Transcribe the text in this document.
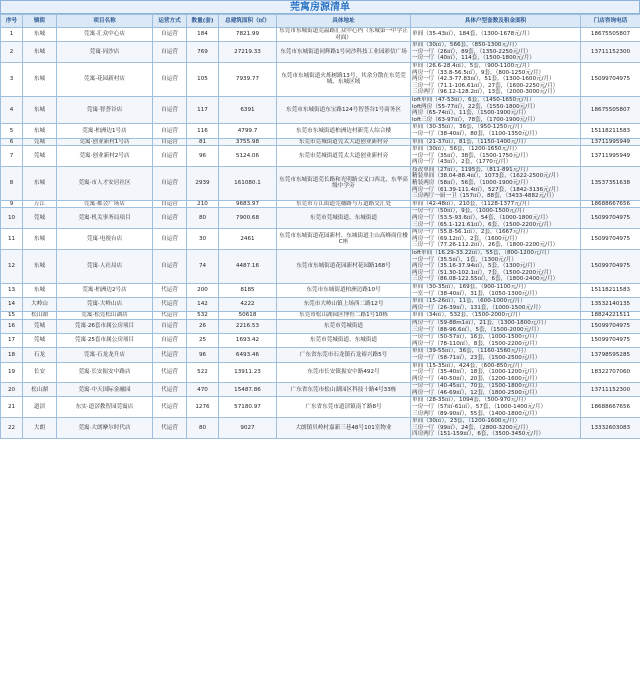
莞寓房源清单
序号	镇街	项目名称	运营方式	数量(套)	总建筑面积（㎡）	具体地址	具体户型套数及租金面积	门店咨询电话
1	东城	莞寓·汇众中心店	自运营	184	7821.99	东莞市东城街道莞温路汇众中心内（东城第一中学正对面）	单间（35-43㎡），184套，（1300-1678元/月）	18675505807
2	东城	莞寓·同沙店	自运营	769	27219.33	东莞市东城街道同辉路1号同沙科技工业园彩信广场	单间（30㎡），566套，（850-1300元/月）
一房一厅（26㎡），89套，（1350-2250元/月）
一房一厅（40㎡），114套，（1500-1800元/月）	13711152300
3	东城	莞寓·花园新村店	自运营	105	7939.77	东莞市东城街道火炼树路13号，其余分散在东莞莞城、东城区域	单间（26.6-28.4㎡），5套，（900-1100元/月）
两房一厅（33.8-56.5㎡），9套，（800-1250元/月）
两房一厅（42.3-77.83㎡），51套，（1300-1600元/月）
三房一厅（71.1-106.61㎡），27套，（1600-2250元/月）
三房两厅（96.12-128.2㎡），13套，（2000-3000元/月）	15099704975
4	东城	莞寓·智荟谷店	自运营	117	6391	东莞市东城街道东宝路124号智荟谷1号商务区	loft单间（47-53㎡），6套，（1450-1650元/月）
loft两房（55-77㎡），22套，（1550-1800元/月）
两房（65-74㎡），11套，（1500-1900元/月）
loft三房（63-97㎡），78套，（1700-1900元/月）	18675505807
5	东城	莞寓·柏洲边1号店	自运营	116	4799.7	东莞市东城街道柏洲边村新莞人综合楼	单间（30-35㎡），36套，（950-1250元/月）
一房一厅（38-40㎡），80套，（1100-1350元/月）	15118211583
6	莞城	莞寓·创业新村1号店	自运营	81	3755.98	东莞市莞城街道莞太大道创业新村旁	单间（21-37㎡），81套，（1150-1400元/月）	13711995949
7	莞城	莞寓·创业新村2号店	自运营	96	5124.06	东莞市莞城街道莞太大道创业新村旁	单间（30㎡），56套，（1200-1650元/月）
一房一厅（35㎡），38套，（1500-1750元/月）
两房一厅（43㎡），2套，（1770元/月）	13711995949
8	东城	莞寓·市人才安居社区	自运营	2939	161080.1	东莞市东城街道莞长路和光明路交叉口西北，东华高级中学旁	技改单间（27㎡），1195套，（811-891元/月）
精装单间（38.04-88.4㎡），1073套，（1622-2500元/月）
精装两房（58㎡），56套，（1000-1900元/月）
两房一厅（61.39-111.4㎡），527套，（1842-3136元/月）
三房两厅一厨一卫（157㎡），88套，（3433-4882元/月）	13537351638
9	万江	莞寓·都会广场店	自运营	210	9683.97	东莞市万江街道莞穗路与万道路交汇处	单间（42-48㎡），210套，（1128-1377元/月）	18688667656
10	莞城	莞寓·机关事务局项目	自运营	80	7900.68	东莞市莞城街道、东城街道	一房一厅（50㎡），9套，（1000-1500元/月）
两房一厅（53.5-93.6㎡），54套，（1000-1800元/月）
三房一厅（65.1-121.61㎡），6套，（1500-2200元/月）	15099704975
11	东城	莞寓·电视台店	自运营	30	2461	东莞市东城街道花园新村、东城街道主山高峰商住楼C座	两房一厅（55.8-56.1㎡），2套，（1667元/月）
两房一厅（69.12㎡），2套，（1600元/月）
三房一厅（77.26-112.2㎡），26套，（1800-2200元/月）	15099704975
12	东城	莞寓·人社局店	自运营	74	4487.16	东莞市东城街道花园新村花园路168号	loft单间（16.29-33.22㎡），55套，（800-1200元/月）
一房一厅（35.5㎡），1套，（1300元/月）
两房一厅（35.16-37.94㎡），5套，（1300元/月）
两房一厅（51.30-102.1㎡），7套，（1500-2200元/月）
三房一厅（86.08-122.55㎡），6套，（1800-2400元/月）	15099704975
13	东城	莞寓·柏洲边2号店	代运营	200	8185	东莞市东城街道柏洲边路10号	单间（30-35㎡），169套，（900-1100元/月）
一室一厅（38-40㎡），31套，（1050-1300元/月）	15118211583
14	大岭山	莞寓·大岭山店	代运营	142	4222	东莞市大岭山镇上场西二路12号	单间（15-26㎡），11套，（600-1000元/月）
两房一厅（26-39㎡），131套，（1000-1500元/月）	13532140135
15	松山湖	莞寓·松莞松山湖店	代运营	532	50618	东莞市松山湖园区博恒二路1号10栋	单间（34㎡），532套，（1500-2000元/月）	18824221511
16	莞城	莞寓·26套市属公房项目	自运营	26	2216.53	东莞市莞城街道	两房一厅（59-88m1㎡），21套，（1300-1800元/月）
三房一厅（88-96.6㎡），5套，（1500-2000元/月）	15099704975
17	莞城	莞寓·25套市属公房项目	自运营	25	1693.42	东莞市莞城街道、东城街道	一房一厅（50-57㎡），16套，（1000-1500元/月）
两房一厅（78-110㎡），8套，（1500-2200元/月）	15099704975
18	石龙	莞寓·石龙龙升店	代运营	96	6493.46	广东省东莞市石龙镇石龙裕兴路5号	单间（39-55㎡），36套，（1160-1560元/月）
一房一厅（58-71㎡），23套，（1500-2500元/月）	13798595285
19	长安	莞寓·长安振安中路店	代运营	522	13911.23	东莞市长安镇振安中路492号	单间（15-35㎡），424套，（600-850元/月）
一房一厅（35-40㎡），18套，（1000-1200元/月）
两房一厅（40-50㎡），20套，（1200-1600元/月）	18322707060
20	松山湖	莞寓·中天国际金融园	代运营	470	15487.86	广东省东莞市松山湖园区科技十路4号33栋	一房一厅（40-45㎡），70套，（1500-1800元/月）
两房一厅（46-69㎡），12套，（1800-2500元/月）	13711152300
21	道滘	东实·道滘教智园莞寓店	代运营	1276	57180.97	广东省东莞市道滘镇南丫路8号	单间（28-35㎡），1094套，（500-970元/月）
一房一厅（57㎡-61㎡），57套，（1000-1400元/月）
三房两厅（89-90㎡），55套，（1400-1800元/月）	18688667656
22	大朗	莞寓·大朗摩尔时代店	代运营	80	9027	大朗镇贝岭村嘉新三巷48号101室物业	单间（30㎡），23套，（1200-1600元/月）
三房一厅（99㎡），24套，（2800-3200元/月）
四房两厅（151-159㎡），6套，（3500-3450元/月）	13332603083
